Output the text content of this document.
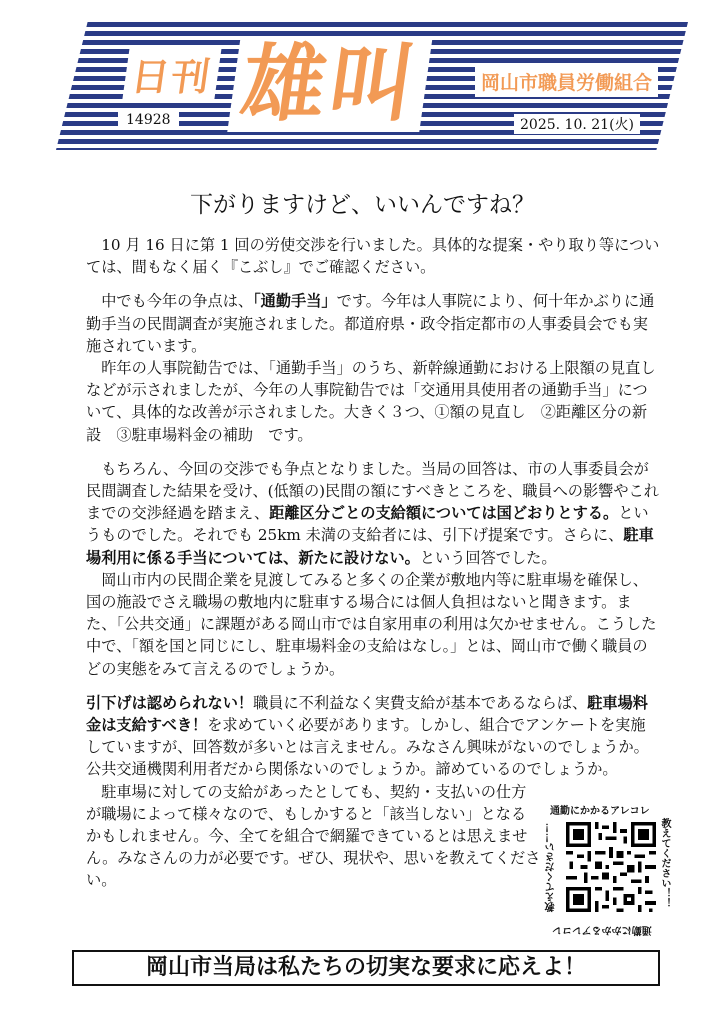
日刊 雄叫
14928
岡山市職員労働組合
2025. 10. 21(火)
下がりますけど、いいんですね？

10 月 16 日に第 1 回の労使交渉を行いました。具体的な提案・やり取り等については、間もなく届く『こぶし』でご確認ください。

中でも今年の争点は、「通勤手当」です。今年は人事院により、何十年かぶりに通勤手当の民間調査が実施されました。都道府県・政令指定都市の人事委員会でも実施されています。

昨年の人事院勧告では、「通勤手当」のうち、新幹線通勤における上限額の見直しなどが示されましたが、今年の人事院勧告では「交通用具使用者の通勤手当」について、具体的な改善が示されました。大きく３つ、①額の見直し　②距離区分の新設　③駐車場料金の補助　です。

もちろん、今回の交渉でも争点となりました。当局の回答は、市の人事委員会が民間調査した結果を受け、(低額の)民間の額にすべきところを、職員への影響やこれまでの交渉経過を踏まえ、距離区分ごとの支給額については国どおりとする。というものでした。それでも 25km 未満の支給者には、引下げ提案です。さらに、駐車場利用に係る手当については、新たに設けない。という回答でした。

岡山市内の民間企業を見渡してみると多くの企業が敷地内等に駐車場を確保し、国の施設でさえ職場の敷地内に駐車する場合には個人負担はないと聞きます。また、「公共交通」に課題がある岡山市では自家用車の利用は欠かせません。こうした中で、「額を国と同じにし、駐車場料金の支給はなし。」とは、岡山市で働く職員のどの実態をみて言えるのでしょうか。

引下げは認められない！職員に不利益なく実費支給が基本であるならば、駐車場料金は支給すべき！を求めていく必要があります。しかし、組合でアンケートを実施していますが、回答数が多いとは言えません。みなさん興味がないのでしょうか。公共交通機関利用者だから関係ないのでしょうか。諦めているのでしょうか。

駐車場に対しての支給があったとしても、契約・支払いの仕方が職場によって様々なので、もしかすると「該当しない」となるかもしれません。今、全てを組合で網羅できているとは思えません。みなさんの力が必要です。ぜひ、現状や、思いを教えてください。

通勤にかかるアレコレ
教えてください！！
教えてください！！
通勤にかかるアレコレ
岡山市当局は私たちの切実な要求に応えよ！
